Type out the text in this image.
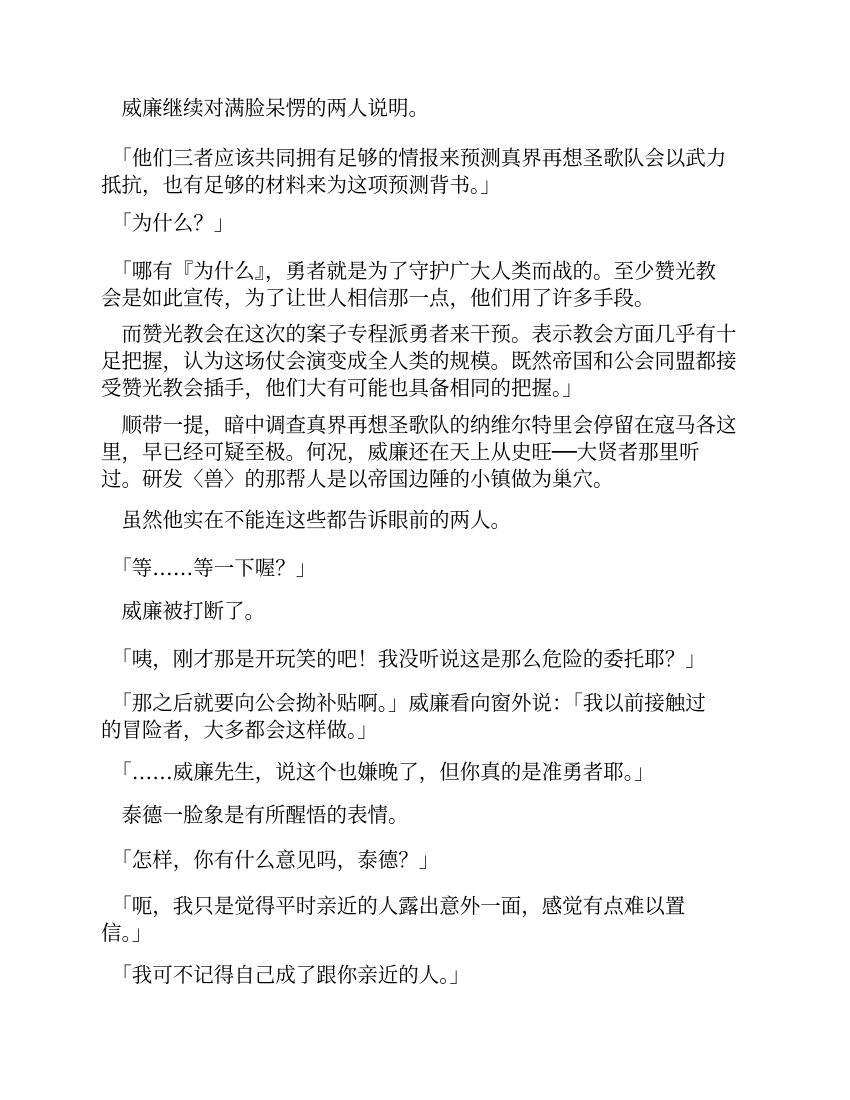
　威廉继续对满脸呆愣的两人说明。

　「他们三者应该共同拥有足够的情报来预测真界再想圣歌队会以武力
抵抗，也有足够的材料来为这项预测背书。」

　「为什么？」

　「哪有『为什么』，勇者就是为了守护广大人类而战的。至少赞光教
会是如此宣传，为了让世人相信那一点，他们用了许多手段。

　而赞光教会在这次的案子专程派勇者来干预。表示教会方面几乎有十
足把握，认为这场仗会演变成全人类的规模。既然帝国和公会同盟都接
受赞光教会插手，他们大有可能也具备相同的把握。」

　顺带一提，暗中调查真界再想圣歌队的纳维尔特里会停留在寇马各这
里，早已经可疑至极。何况，威廉还在天上从史旺──大贤者那里听
过。研发〈兽〉的那帮人是以帝国边陲的小镇做为巢穴。

　虽然他实在不能连这些都告诉眼前的两人。

　「等……等一下喔？」

　威廉被打断了。

　「咦，刚才那是开玩笑的吧！我没听说这是那么危险的委托耶？」

　「那之后就要向公会拗补贴啊。」威廉看向窗外说：「我以前接触过
的冒险者，大多都会这样做。」

　「……威廉先生，说这个也嫌晚了，但你真的是准勇者耶。」

　泰德一脸象是有所醒悟的表情。

　「怎样，你有什么意见吗，泰德？」

　「呃，我只是觉得平时亲近的人露出意外一面，感觉有点难以置
信。」

　「我可不记得自己成了跟你亲近的人。」
